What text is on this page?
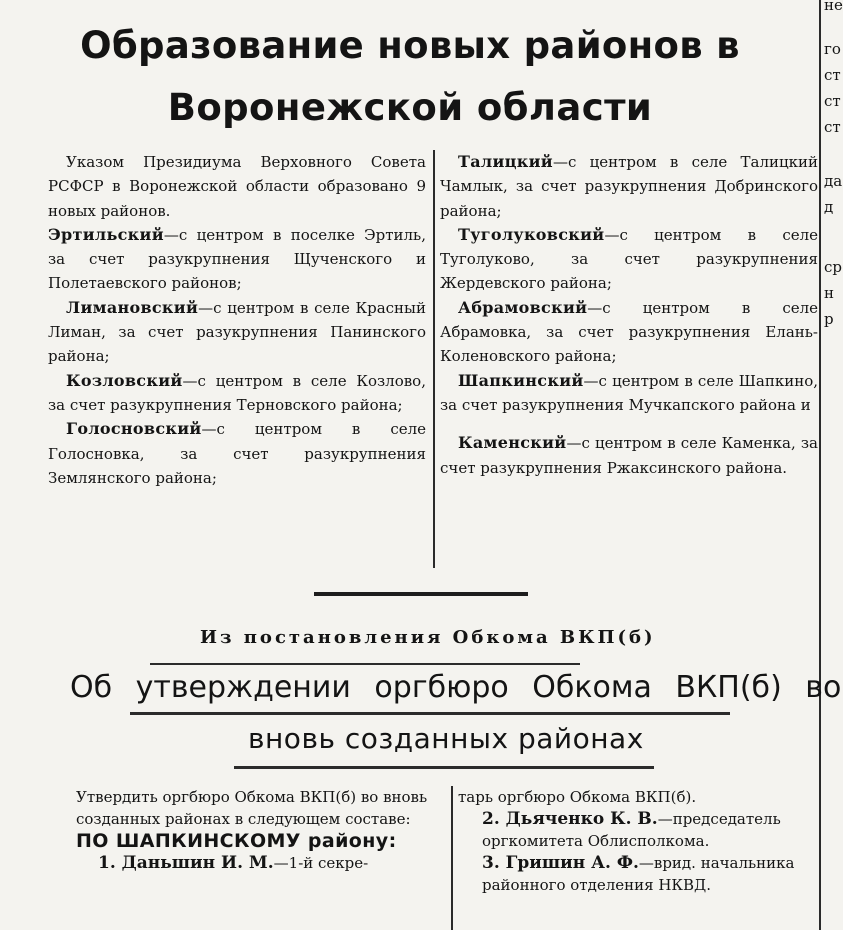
Образование новых районов в
Воронежской области

Указом Президиума Верховного Совета РСФСР в Воронежской области образовано 9 новых районов.

Эртильский—с центром в поселке Эртиль, за счет разукрупнения Щученского и Полетаевского районов;

Лимановский—с центром в селе Красный Лиман, за счет разукрупнения Панинского района;

Козловский—с центром в селе Козлово, за счет разукрупнения Терновского района;

Голосновский—с центром в селе Голосновка, за счет разукрупнения Землянского района;

Талицкий—с центром в селе Талицкий Чамлык, за счет разукрупнения Добринского района;

Туголуковский—с центром в селе Туголуково, за счет разукрупнения Жердевского района;

Абрамовский—с центром в селе Абрамовка, за счет разукрупнения Елань-Коленовского района;

Шапкинский—с центром в селе Шапкино, за счет разукрупнения Мучкапского района и

Каменский—с центром в селе Каменка, за счет разукрупнения Ржаксинского района.

не
го
ст
ст
ст
да
д
ср
н
р
Из постановления Обкома ВКП(б)
Об утверждении оргбюро Обкома ВКП(б) во
вновь созданных районах

Утвердить оргбюро Обкома ВКП(б) во вновь созданных районах в следующем составе:

ПО ШАПКИНСКОМУ району:

1. Даньшин И. М.—1-й секре-

тарь оргбюро Обкома ВКП(б).

2. Дьяченко К. В.—председатель оргкомитета Облисполкома.

3. Гришин А. Ф.—врид. начальника районного отделения НКВД.
